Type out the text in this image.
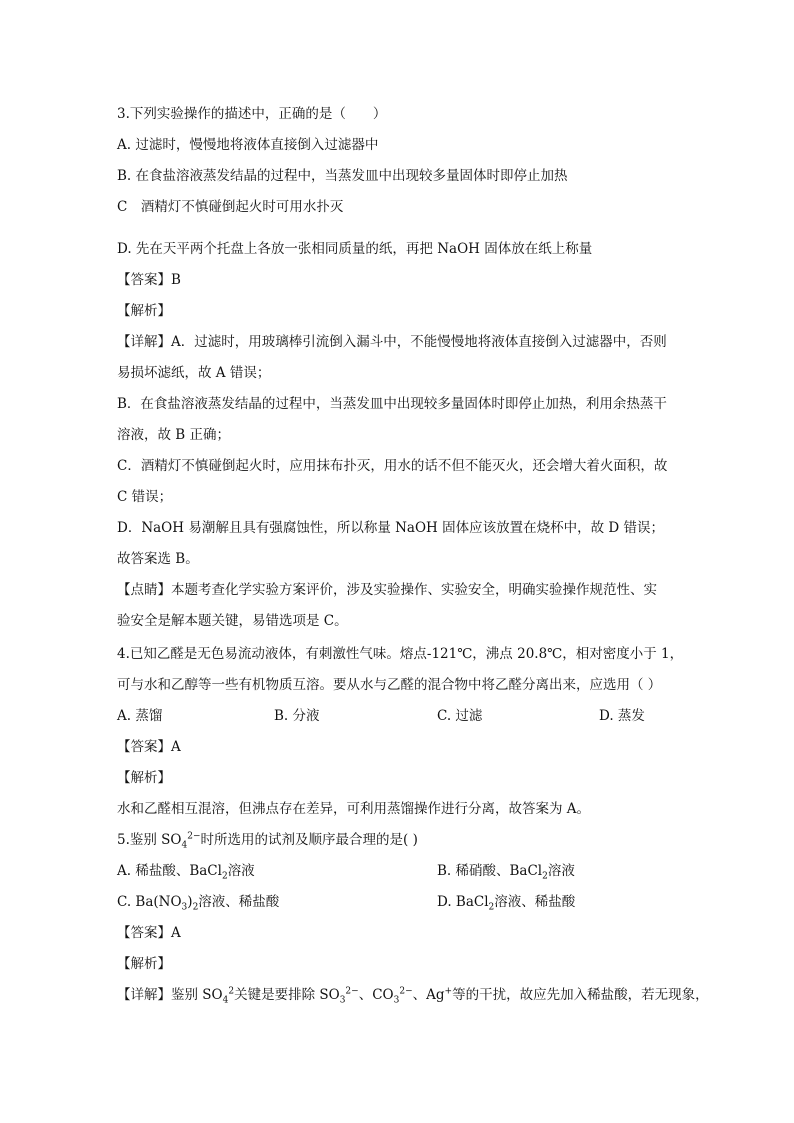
3.下列实验操作的描述中，正确的是（　　）
A. 过滤时，慢慢地将液体直接倒入过滤器中
B. 在食盐溶液蒸发结晶的过程中，当蒸发皿中出现较多量固体时即停止加热
C　酒精灯不慎碰倒起火时可用水扑灭
D. 先在天平两个托盘上各放一张相同质量的纸，再把 NaOH 固体放在纸上称量
【答案】B
【解析】
【详解】A．过滤时，用玻璃棒引流倒入漏斗中，不能慢慢地将液体直接倒入过滤器中，否则
易损坏滤纸，故 A 错误；
B．在食盐溶液蒸发结晶的过程中，当蒸发皿中出现较多量固体时即停止加热，利用余热蒸干
溶液，故 B 正确；
C．酒精灯不慎碰倒起火时，应用抹布扑灭，用水的话不但不能灭火，还会增大着火面积，故
C 错误；
D．NaOH 易潮解且具有强腐蚀性，所以称量 NaOH 固体应该放置在烧杯中，故 D 错误；
故答案选 B。
【点睛】本题考查化学实验方案评价，涉及实验操作、实验安全，明确实验操作规范性、实
验安全是解本题关键，易错选项是 C。
4.已知乙醛是无色易流动液体，有刺激性气味。熔点-121℃，沸点 20.8℃，相对密度小于 1，
可与水和乙醇等一些有机物质互溶。要从水与乙醛的混合物中将乙醛分离出来，应选用（ ）
A. 蒸馏	B. 分液	C. 过滤	D. 蒸发
【答案】A
【解析】
水和乙醛相互混溶，但沸点存在差异，可利用蒸馏操作进行分离，故答案为 A。
5.鉴别 $SO_4^{2-}$时所选用的试剂及顺序最合理的是( )
A. 稀盐酸、BaCl$_2$溶液	B. 稀硝酸、BaCl$_2$溶液
C. $Ba(NO_3)_2$溶液、稀盐酸	D. BaCl$_2$溶液、稀盐酸
【答案】A
【解析】
【详解】鉴别 $SO_4^2$关键是要排除 $SO_3^{2-}$、$CO_3^{2-}$、Ag+等的干扰，故应先加入稀盐酸，若无现象，
